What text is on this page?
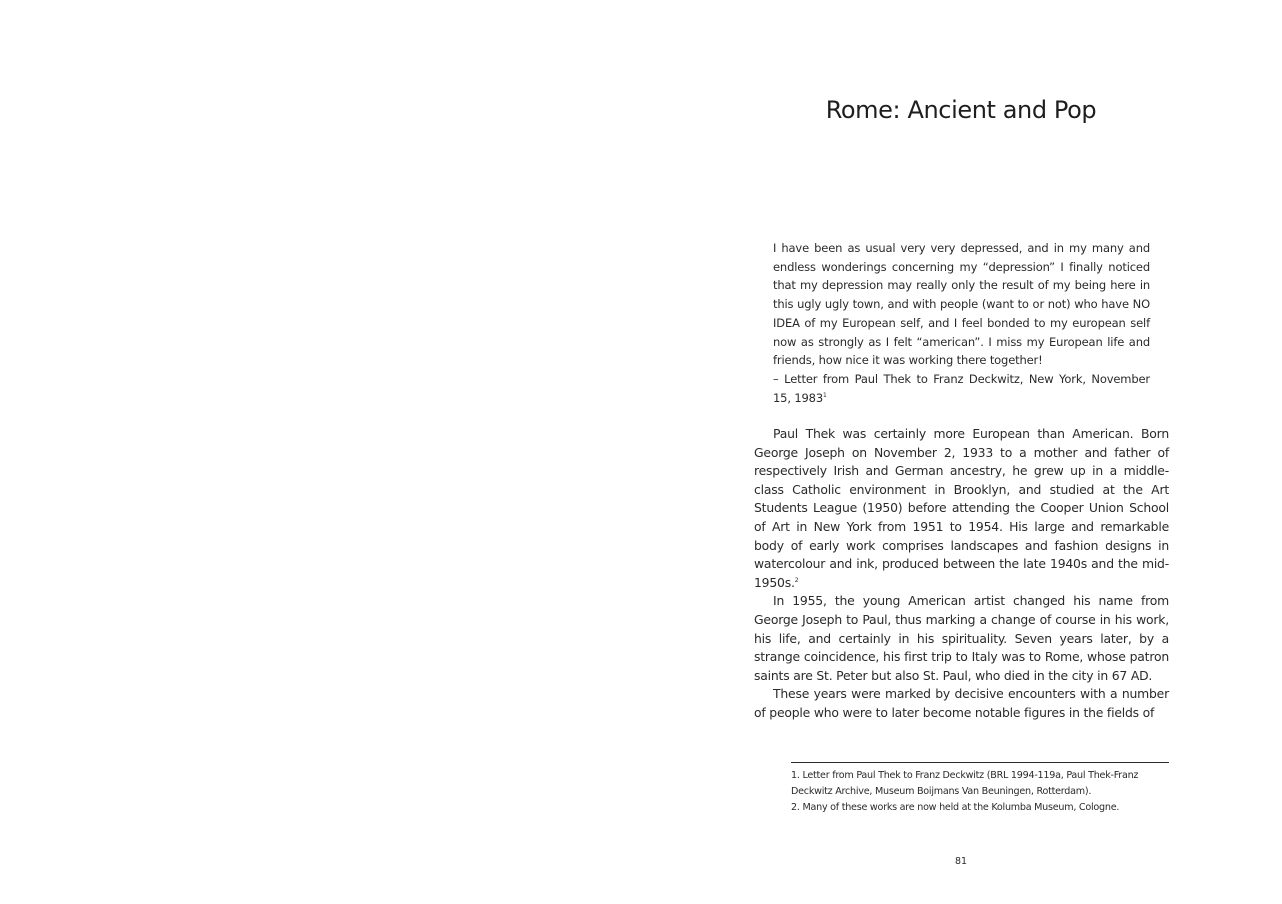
Rome: Ancient and Pop

I have been as usual very very depressed, and in my many and endless wonderings concerning my “depression” I finally noticed that my depression may really only the result of my being here in this ugly ugly town, and with people (want to or not) who have NO IDEA of my European self, and I feel bonded to my european self now as strongly as I felt “american”. I miss my European life and friends, how nice it was working there together!

– Letter from Paul Thek to Franz Deckwitz, New York, November 15, 1983$^1$

Paul Thek was certainly more European than American. Born George Joseph on November 2, 1933 to a mother and father of respectively Irish and German ancestry, he grew up in a middle-class Catholic environment in Brooklyn, and studied at the Art Students League (1950) before attending the Cooper Union School of Art in New York from 1951 to 1954. His large and remarkable body of early work comprises landscapes and fashion designs in watercolour and ink, produced between the late 1940s and the mid-1950s.$^2$

In 1955, the young American artist changed his name from George Joseph to Paul, thus marking a change of course in his work, his life, and certainly in his spirituality. Seven years later, by a strange coincidence, his first trip to Italy was to Rome, whose patron saints are St. Peter but also St. Paul, who died in the city in 67 AD.

These years were marked by decisive encounters with a number of people who were to later become notable figures in the fields of

1. Letter from Paul Thek to Franz Deckwitz (BRL 1994-119a, Paul Thek-Franz Deckwitz Archive, Museum Boijmans Van Beuningen, Rotterdam).

2. Many of these works are now held at the Kolumba Museum, Cologne.

81
